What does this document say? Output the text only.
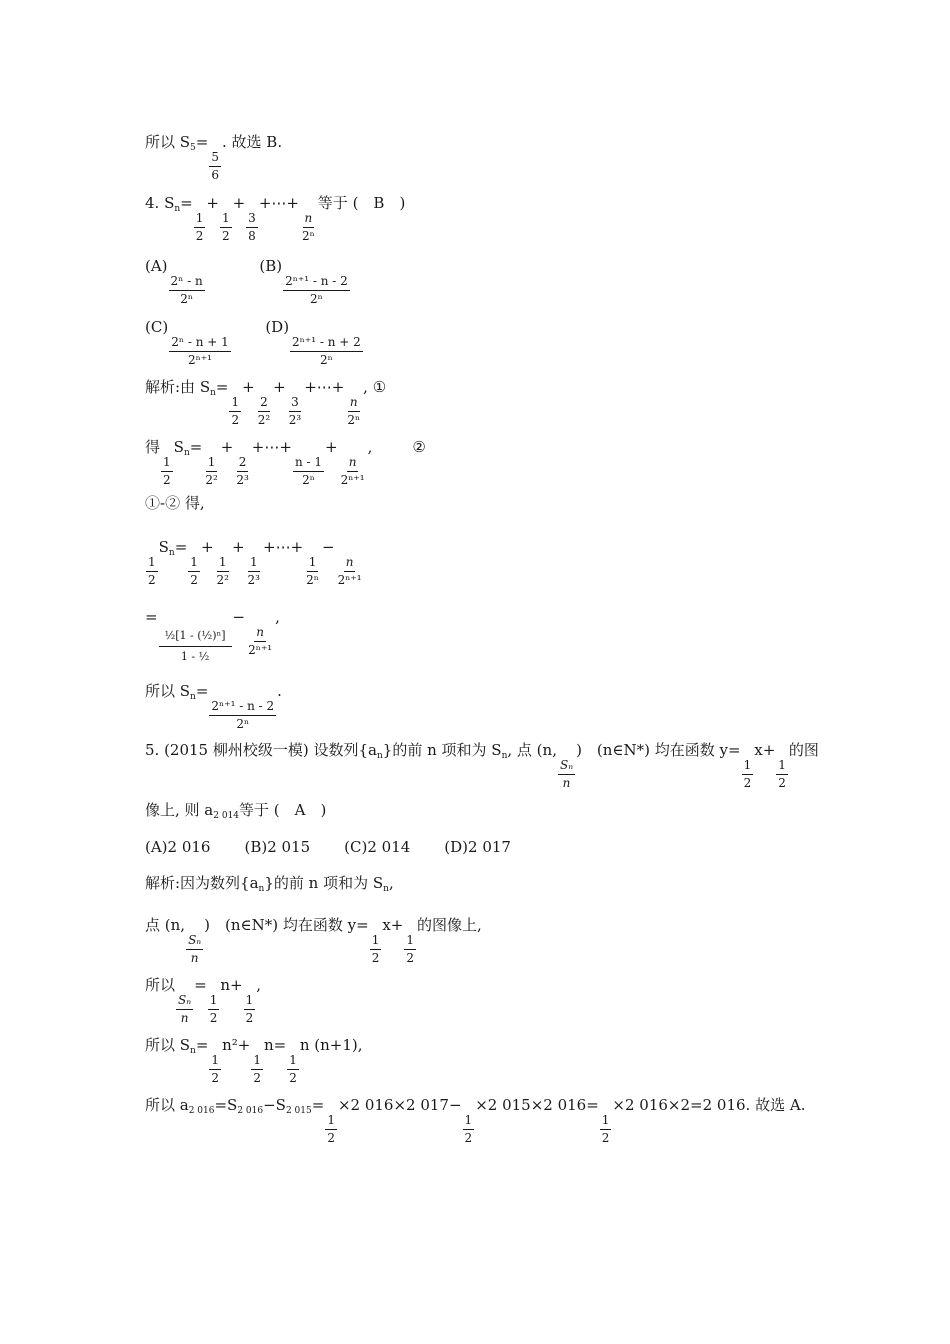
所以 $S_5=$
$\frac{5}{6}$
. 故选 B.
4. $S_n=$
$\frac{1}{2}$
+
$\frac{1}{2}$
+
$\frac{3}{8}$
+⋯+
$\frac{n}{\text{2ⁿ}}$
等于 (　B　)
(A)
$\frac{\text{2ⁿ - n}}{\text{2ⁿ}}$
(B)
$\frac{\text{2ⁿ⁺¹ - n - 2}}{\text{2ⁿ}}$
(C)
$\frac{\text{2ⁿ - n + 1}}{\text{2ⁿ⁺¹}}$
(D)
$\frac{\text{2ⁿ⁺¹ - n + 2}}{\text{2ⁿ}}$
解析:由 $S_n=$
$\frac{1}{2}$
+
$\frac{2}{\text{2²}}$
+
$\frac{3}{\text{2³}}$
+⋯+
$\frac{n}{\text{2ⁿ}}$
, ①
得
$\frac{1}{2}$
$S_n=$
$\frac{1}{\text{2²}}$
+
$\frac{2}{\text{2³}}$
+⋯+
$\frac{n - 1}{\text{2ⁿ}}$
+
$\frac{n}{\text{2ⁿ⁺¹}}$
,	②
①-② 得,
$\frac{1}{2}$
$S_n=$
$\frac{1}{2}$
+
$\frac{1}{\text{2²}}$
+
$\frac{1}{\text{2³}}$
+⋯+
$\frac{1}{\text{2ⁿ}}$
−
$\frac{n}{\text{2ⁿ⁺¹}}$
=
$\frac{\text{½[1 - (½)ⁿ]}}{\text{1 - ½}}$
−
$\frac{n}{\text{2ⁿ⁺¹}}$
,
所以 $S_n=$
$\frac{\text{2ⁿ⁺¹ - n - 2}}{\text{2ⁿ}}$
.
5. (2015 柳州校级一模) 设数列$\{a_n\}$的前 n 项和为 $S_n$, 点 (n,
$\frac{\text{Sₙ}}{n}$
)　(n∈N*) 均在函数 y=
$\frac{1}{2}$
x+
$\frac{1}{2}$
的图
像上, 则 $a_{2 014}$等于 (　A　)
(A)2 016 (B)2 015 (C)2 014 (D)2 017
解析:因为数列$\{a_n\}$的前 n 项和为 $S_n$,
点 (n,
$\frac{\text{Sₙ}}{n}$
)　(n∈N*) 均在函数 y=
$\frac{1}{2}$
x+
$\frac{1}{2}$
的图像上,
所以
$\frac{\text{Sₙ}}{n}$
=
$\frac{1}{2}$
n+
$\frac{1}{2}$
,
所以 $S_n=$
$\frac{1}{2}$
n²+
$\frac{1}{2}$
n=
$\frac{1}{2}$
n (n+1),
所以 $a_{2 016}=S_{2 016}-S_{2 015}=$
$\frac{1}{2}$
×2 016×2 017−
$\frac{1}{2}$
×2 015×2 016=
$\frac{1}{2}$
×2 016×2=2 016. 故选 A.
